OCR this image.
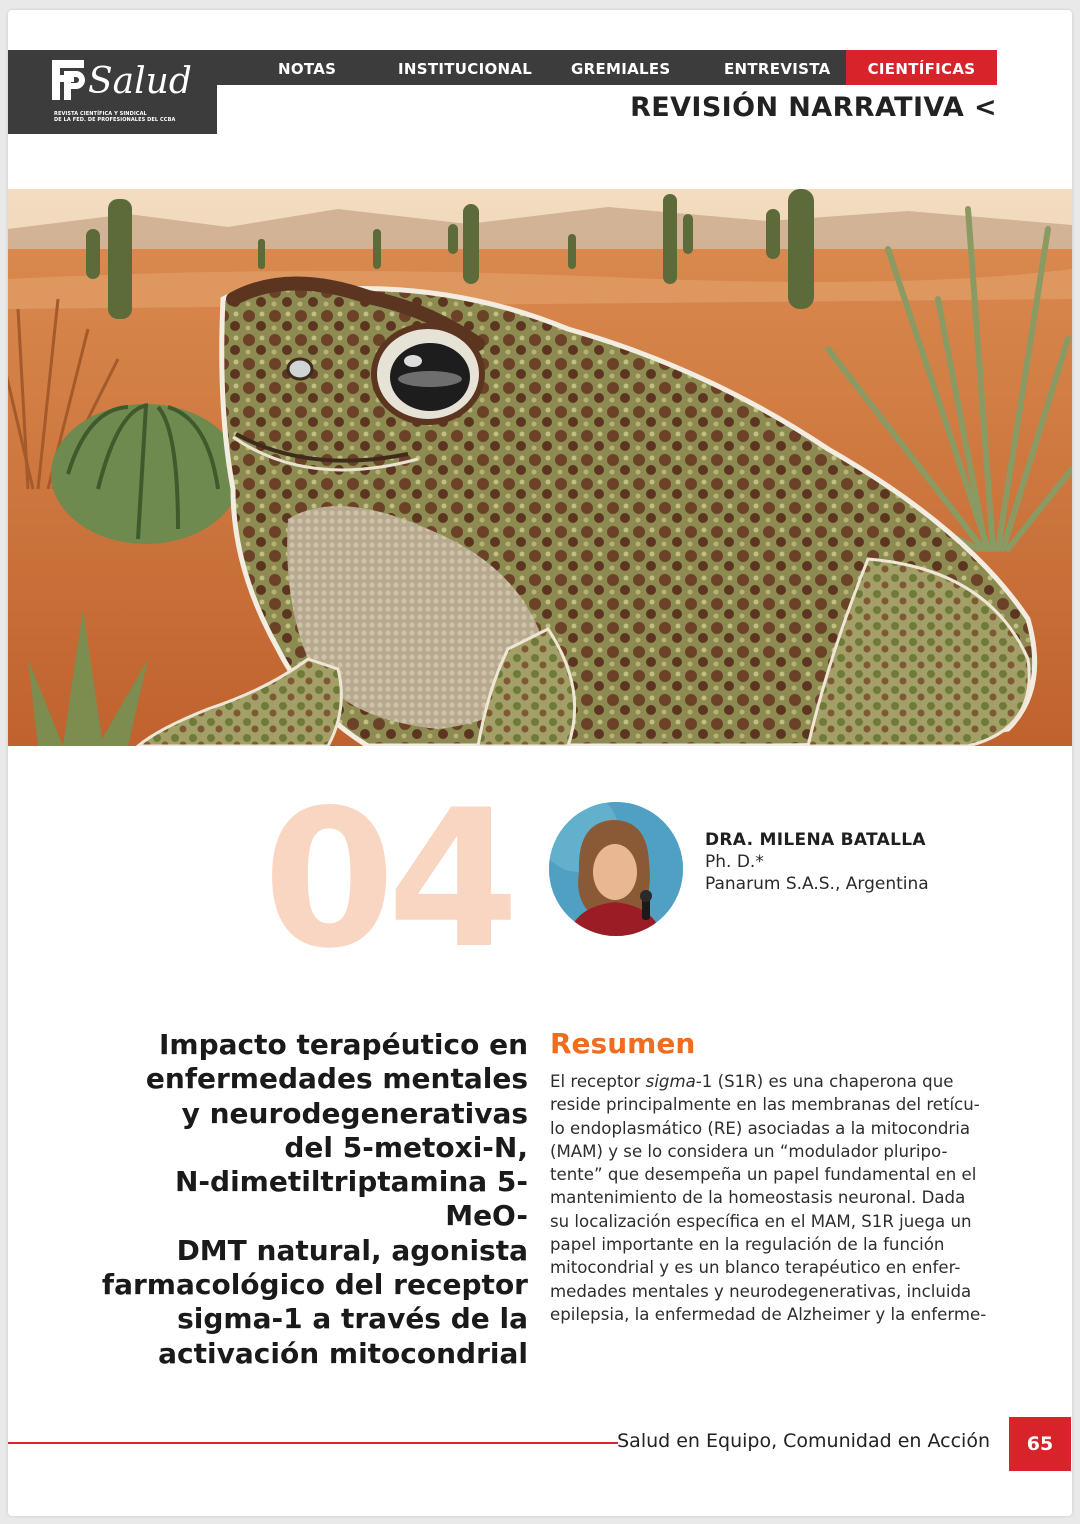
Salud
REVISTA CIENTÍFICA Y SINDICAL
DE LA FED. DE PROFESIONALES DEL CCBA
NOTAS	INSTITUCIONAL	GREMIALES	ENTREVISTA	CIENTÍFICAS
REVISIÓN NARRATIVA <
04	DRA. MILENA BATALLA
Ph. D.*
Panarum S.A.S., Argentina
Impacto terapéutico en
enfermedades mentales
y neurodegenerativas
del 5-metoxi-N,
N-dimetiltriptamina 5-MeO-
DMT natural, agonista
farmacológico del receptor
sigma-1 a través de la
activación mitocondrial
Resumen
El receptor sigma-1 (S1R) es una chaperona que
reside principalmente en las membranas del retícu-
lo endoplasmático (RE) asociadas a la mitocondria
(MAM) y se lo considera un “modulador pluripo-
tente” que desempeña un papel fundamental en el
mantenimiento de la homeostasis neuronal. Dada
su localización específica en el MAM, S1R juega un
papel importante en la regulación de la función
mitocondrial y es un blanco terapéutico en enfer-
medades mentales y neurodegenerativas, incluida
epilepsia, la enfermedad de Alzheimer y la enferme-
Salud en Equipo, Comunidad en Acción	65
